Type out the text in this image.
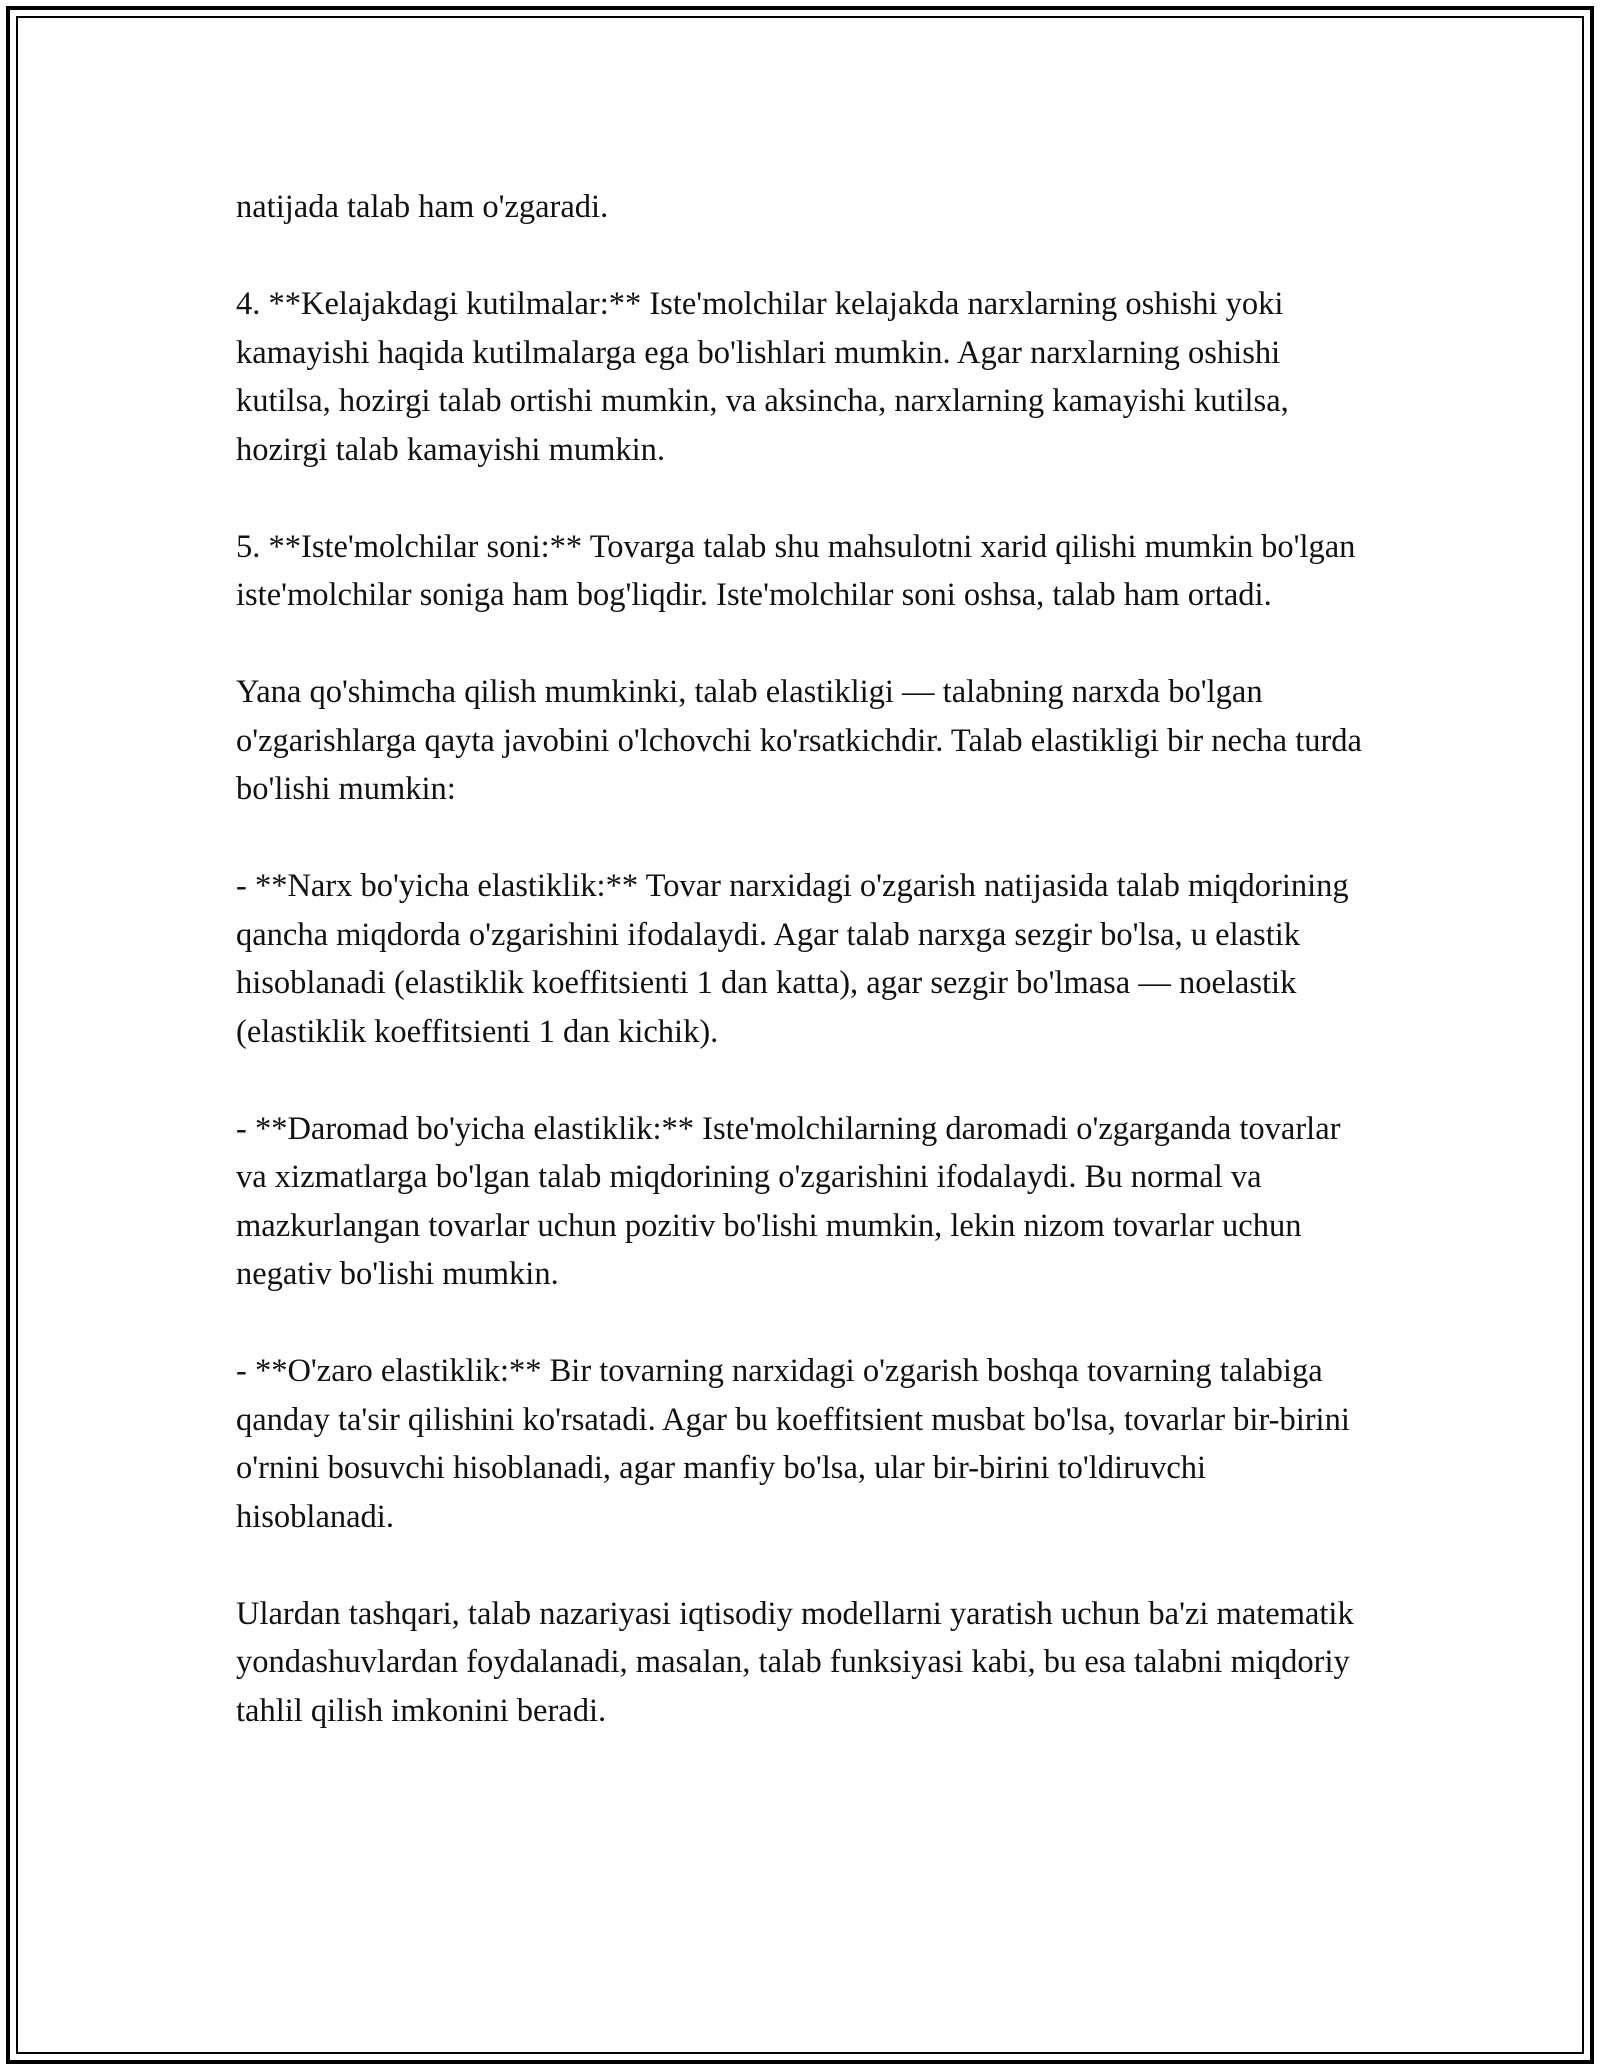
natijada talab ham o'zgaradi.

4. **Kelajakdagi kutilmalar:** Iste'molchilar kelajakda narxlarning oshishi yoki kamayishi haqida kutilmalarga ega bo'lishlari mumkin. Agar narxlarning oshishi kutilsa, hozirgi talab ortishi mumkin, va aksincha, narxlarning kamayishi kutilsa, hozirgi talab kamayishi mumkin.

5. **Iste'molchilar soni:** Tovarga talab shu mahsulotni xarid qilishi mumkin bo'lgan iste'molchilar soniga ham bog'liqdir. Iste'molchilar soni oshsa, talab ham ortadi.

Yana qo'shimcha qilish mumkinki, talab elastikligi — talabning narxda bo'lgan o'zgarishlarga qayta javobini o'lchovchi ko'rsatkichdir. Talab elastikligi bir necha turda bo'lishi mumkin:

- **Narx bo'yicha elastiklik:** Tovar narxidagi o'zgarish natijasida talab miqdorining qancha miqdorda o'zgarishini ifodalaydi. Agar talab narxga sezgir bo'lsa, u elastik hisoblanadi (elastiklik koeffitsienti 1 dan katta), agar sezgir bo'lmasa — noelastik (elastiklik koeffitsienti 1 dan kichik).

- **Daromad bo'yicha elastiklik:** Iste'molchilarning daromadi o'zgarganda tovarlar va xizmatlarga bo'lgan talab miqdorining o'zgarishini ifodalaydi. Bu normal va mazkurlangan tovarlar uchun pozitiv bo'lishi mumkin, lekin nizom tovarlar uchun negativ bo'lishi mumkin.

- **O'zaro elastiklik:** Bir tovarning narxidagi o'zgarish boshqa tovarning talabiga qanday ta'sir qilishini ko'rsatadi. Agar bu koeffitsient musbat bo'lsa, tovarlar bir-birini o'rnini bosuvchi hisoblanadi, agar manfiy bo'lsa, ular bir-birini to'ldiruvchi hisoblanadi.

Ulardan tashqari, talab nazariyasi iqtisodiy modellarni yaratish uchun ba'zi matematik yondashuvlardan foydalanadi, masalan, talab funksiyasi kabi, bu esa talabni miqdoriy tahlil qilish imkonini beradi.
